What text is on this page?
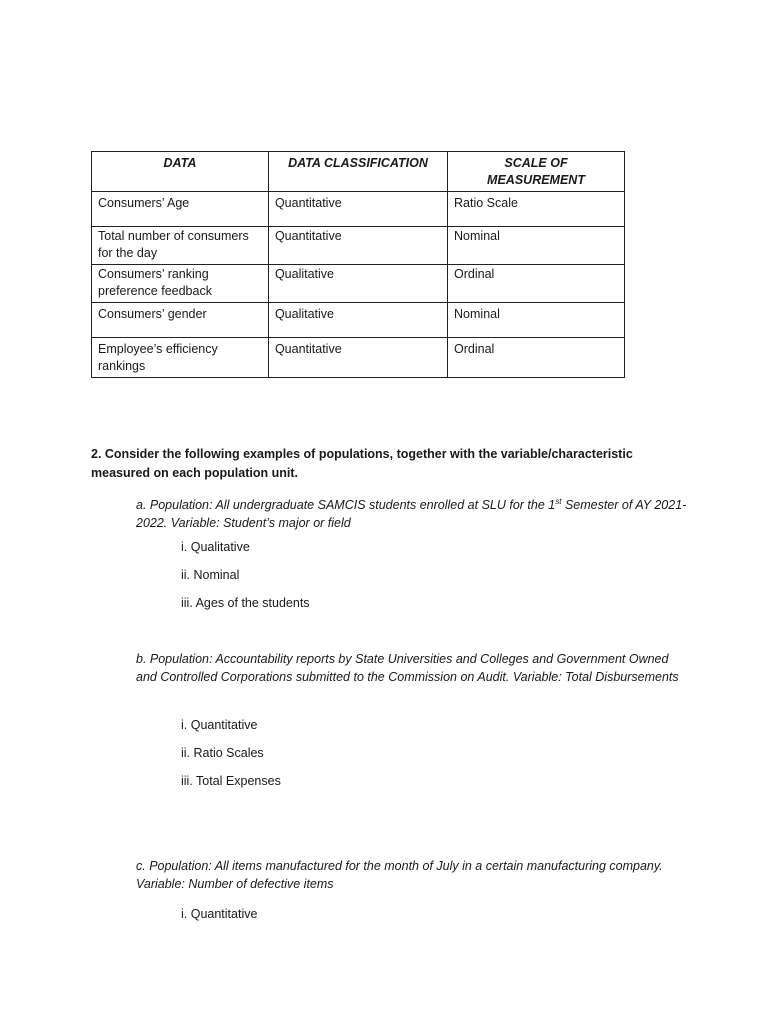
DATA	DATA CLASSIFICATION	SCALE OF MEASUREMENT
Consumers’ Age	Quantitative	Ratio Scale
Total number of consumers for the day	Quantitative	Nominal
Consumers’ ranking preference feedback	Qualitative	Ordinal
Consumers’ gender	Qualitative	Nominal
Employee’s efficiency rankings	Quantitative	Ordinal
2. Consider the following examples of populations, together with the variable/characteristic measured on each population unit.
a. Population: All undergraduate SAMCIS students enrolled at SLU for the 1st Semester of AY 2021-2022. Variable: Student’s major or field
i. Qualitative
ii. Nominal
iii. Ages of the students
b. Population: Accountability reports by State Universities and Colleges and Government Owned and Controlled Corporations submitted to the Commission on Audit. Variable: Total Disbursements
i. Quantitative
ii. Ratio Scales
iii. Total Expenses
c. Population: All items manufactured for the month of July in a certain manufacturing company. Variable: Number of defective items
i. Quantitative
